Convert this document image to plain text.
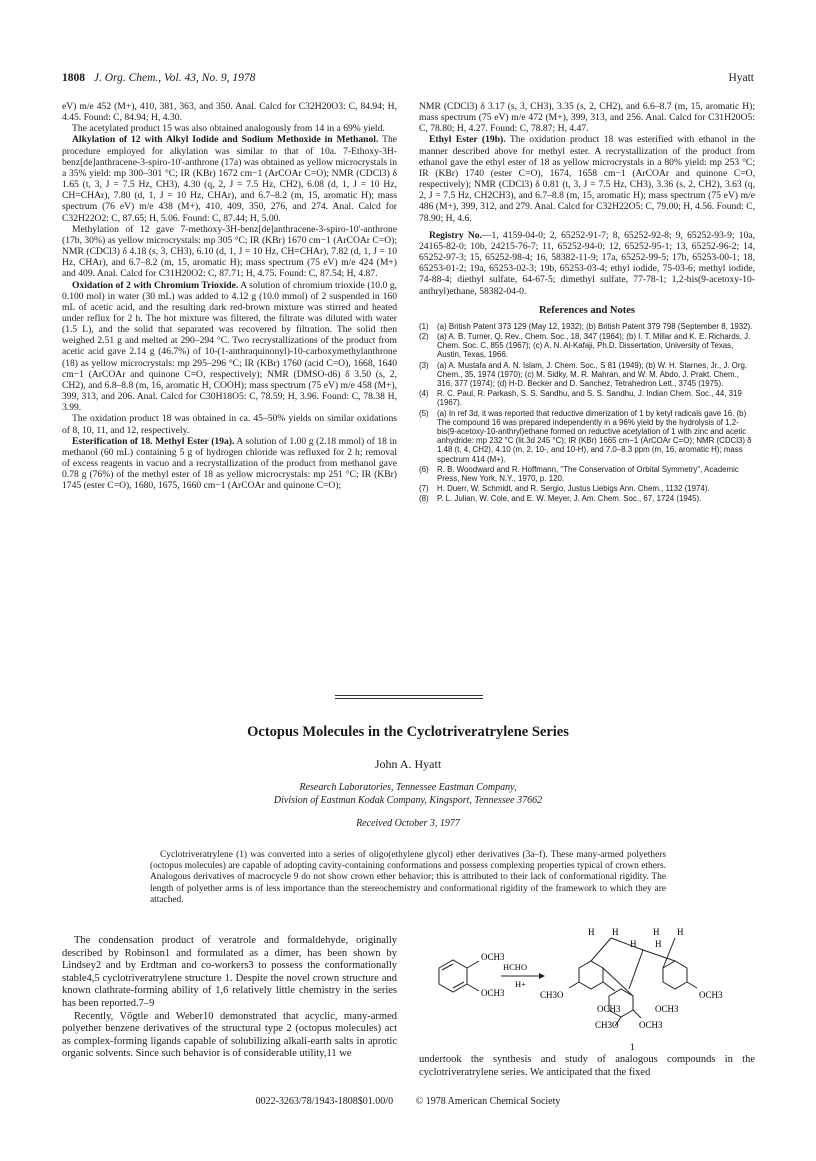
1808 J. Org. Chem., Vol. 43, No. 9, 1978	Hyatt

eV) m/e 452 (M+), 410, 381, 363, and 350. Anal. Calcd for C32H20O3: C, 84.94; H, 4.45. Found: C, 84.94; H, 4.30.

The acetylated product 15 was also obtained analogously from 14 in a 69% yield.

Alkylation of 12 with Alkyl Iodide and Sodium Methoxide in Methanol. The procedure employed for alkylation was similar to that of 10a. 7-Ethoxy-3H-benz[de]anthracene-3-spiro-10'-anthrone (17a) was obtained as yellow microcrystals in a 35% yield: mp 300–301 °C; IR (KBr) 1672 cm−1 (ArCOAr C=O); NMR (CDCl3) δ 1.65 (t, 3, J = 7.5 Hz, CH3), 4.30 (q, 2, J = 7.5 Hz, CH2), 6.08 (d, 1, J = 10 Hz, CH=CHAr), 7.80 (d, 1, J = 10 Hz, CHAr), and 6.7–8.2 (m, 15, aromatic H); mass spectrum (76 eV) m/e 438 (M+), 410, 409, 350, 276, and 274. Anal. Calcd for C32H22O2: C, 87.65; H, 5.06. Found: C, 87.44; H, 5.00.

Methylation of 12 gave 7-methoxy-3H-benz[de]anthracene-3-spiro-10'-anthrone (17b, 30%) as yellow microcrystals: mp 305 °C; IR (KBr) 1670 cm−1 (ArCOAr C=O); NMR (CDCl3) δ 4.18 (s, 3, CH3), 6.10 (d, 1, J = 10 Hz, CH=CHAr), 7.82 (d, 1, J = 10 Hz, CHAr), and 6.7–8.2 (m, 15, aromatic H); mass spectrum (75 eV) m/e 424 (M+) and 409. Anal. Calcd for C31H20O2: C, 87.71; H, 4.75. Found: C, 87.54; H, 4.87.

Oxidation of 2 with Chromium Trioxide. A solution of chromium trioxide (10.0 g, 0.100 mol) in water (30 mL) was added to 4.12 g (10.0 mmol) of 2 suspended in 160 mL of acetic acid, and the resulting dark red-brown mixture was stirred and heated under reflux for 2 h. The hot mixture was filtered, the filtrate was diluted with water (1.5 L), and the solid that separated was recovered by filtration. The solid then weighed 2.51 g and melted at 290–294 °C. Two recrystallizations of the product from acetic acid gave 2.14 g (46.7%) of 10-(1-anthraquinonyl)-10-carboxymethylanthrone (18) as yellow microcrystals: mp 295–296 °C; IR (KBr) 1760 (acid C=O), 1668, 1640 cm−1 (ArCOAr and quinone C=O, respectively); NMR (DMSO-d6) δ 3.50 (s, 2, CH2), and 6.8–8.8 (m, 16, aromatic H, COOH); mass spectrum (75 eV) m/e 458 (M+), 399, 313, and 206. Anal. Calcd for C30H18O5: C, 78.59; H, 3.96. Found: C, 78.38 H, 3.99.

The oxidation product 18 was obtained in ca. 45–50% yields on similar oxidations of 8, 10, 11, and 12, respectively.

Esterification of 18. Methyl Ester (19a). A solution of 1.00 g (2.18 mmol) of 18 in methanol (60 mL) containing 5 g of hydrogen chloride was refluxed for 2 h; removal of excess reagents in vacuo and a recrystallization of the product from methanol gave 0.78 g (76%) of the methyl ester of 18 as yellow microcrystals: mp 251 °C; IR (KBr) 1745 (ester C=O), 1680, 1675, 1660 cm−1 (ArCOAr and quinone C=O);

NMR (CDCl3) δ 3.17 (s, 3, CH3), 3.35 (s, 2, CH2), and 6.6–8.7 (m, 15, aromatic H); mass spectrum (75 eV) m/e 472 (M+), 399, 313, and 256. Anal. Calcd for C31H20O5: C, 78.80; H, 4.27. Found: C, 78.87; H, 4.47.

Ethyl Ester (19b). The oxidation product 18 was esterified with ethanol in the manner described above for methyl ester. A recrystallization of the product from ethanol gave the ethyl ester of 18 as yellow microcrystals in a 80% yield: mp 253 °C; IR (KBr) 1740 (ester C=O), 1674, 1658 cm−1 (ArCOAr and quinone C=O, respectively); NMR (CDCl3) δ 0.81 (t, 3, J = 7.5 Hz, CH3), 3.36 (s, 2, CH2), 3.63 (q, 2, J = 7.5 Hz, CH2CH3), and 6.7–8.8 (m, 15, aromatic H); mass spectrum (75 eV) m/e 486 (M+), 399, 312, and 279. Anal. Calcd for C32H22O5: C, 79.00; H, 4.56. Found: C, 78.90; H, 4.6.

Registry No.—1, 4159-04-0; 2, 65252-91-7; 8, 65252-92-8; 9, 65252-93-9; 10a, 24165-82-0; 10b, 24215-76-7; 11, 65252-94-0; 12, 65252-95-1; 13, 65252-96-2; 14, 65252-97-3; 15, 65252-98-4; 16, 58382-11-9; 17a, 65252-99-5; 17b, 65253-00-1; 18, 65253-01-2; 19a, 65253-02-3; 19b, 65253-03-4; ethyl iodide, 75-03-6; methyl iodide, 74-88-4; diethyl sulfate, 64-67-5; dimethyl sulfate, 77-78-1; 1,2-bis(9-acetoxy-10-anthryl)ethane, 58382-04-0.

References and Notes
(1)	(a) British Patent 373 129 (May 12, 1932); (b) British Patent 379 798 (September 8, 1932).
(2)	(a) A. B. Turner, Q. Rev., Chem. Soc., 18, 347 (1964); (b) I. T. Millar and K. E. Richards, J. Chem. Soc. C, 855 (1967); (c) A. N. Al-Kafaji, Ph.D. Dissertation, University of Texas, Austin, Texas, 1966.
(3)	(a) A. Mustafa and A. N. Islam, J. Chem. Soc., S 81 (1949); (b) W. H. Starnes, Jr., J. Org. Chem., 35, 1974 (1970); (c) M. Sidky, M. R. Mahran, and W. M. Abdo, J. Prakt. Chem., 316, 377 (1974); (d) H-D. Becker and D. Sanchez, Tetrahedron Lett., 3745 (1975).
(4)	R. C. Paul, R. Parkash, S. S. Sandhu, and S. S. Sandhu, J. Indian Chem. Soc., 44, 319 (1967).
(5)	(a) In ref 3d, it was reported that reductive dimerization of 1 by ketyl radicals gave 16. (b) The compound 16 was prepared independently in a 96% yield by the hydrolysis of 1,2-bis(9-acetoxy-10-anthryl)ethane formed on reductive acetylation of 1 with zinc and acetic anhydride: mp 232 °C (lit.3d 245 °C); IR (KBr) 1665 cm−1 (ArCOAr C=O); NMR (CDCl3) δ 1.48 (t, 4, CH2), 4.10 (m, 2, 10-, and 10-H), and 7.0–8.3 ppm (m, 16, aromatic H); mass spectrum 414 (M+).
(6)	R. B. Woodward and R. Hoffmann, "The Conservation of Orbital Symmetry", Academic Press, New York, N.Y., 1970, p. 120.
(7)	H. Duerr, W. Schmidt, and R. Sergio, Justus Liebigs Ann. Chem., 1132 (1974).
(8)	P. L. Julian, W. Cole, and E. W. Meyer, J. Am. Chem. Soc., 67, 1724 (1945).
Octopus Molecules in the Cyclotriveratrylene Series
John A. Hyatt
Research Laboratories, Tennessee Eastman Company,
Division of Eastman Kodak Company, Kingsport, Tennessee 37662
Received October 3, 1977
Cyclotriveratrylene (1) was converted into a series of oligo(ethylene glycol) ether derivatives (3a–f). These many-armed polyethers (octopus molecules) are capable of adopting cavity-containing conformations and possess complexing properties typical of crown ethers. Analogous derivatives of macrocycle 9 do not show crown ether behavior; this is attributed to their lack of conformational rigidity. The length of polyether arms is of less importance than the stereochemistry and conformational rigidity of the framework to which they are attached.

The condensation product of veratrole and formaldehyde, originally described by Robinson1 and formulated as a dimer, has been shown by Lindsey2 and by Erdtman and co-workers3 to possess the conformationally stable4,5 cyclotriveratrylene structure 1. Despite the novel crown structure and known clathrate-forming ability of 1,6 relatively little chemistry in the series has been reported.7–9

Recently, Vögtle and Weber10 demonstrated that acyclic, many-armed polyether benzene derivatives of the structural type 2 (octopus molecules) act as complex-forming ligands capable of solubilizing alkali-earth salts in aprotic organic solvents. Since such behavior is of considerable utility,11 we

OCH3
OCH3
HCHO
H+
H H	H H
H H
CH3O	OCH3
OCH3	OCH3
CH3O OCH3
1
undertook the synthesis and study of analogous compounds in the cyclotriveratrylene series. We anticipated that the fixed
0022-3263/78/1943-1808$01.00/0 © 1978 American Chemical Society
